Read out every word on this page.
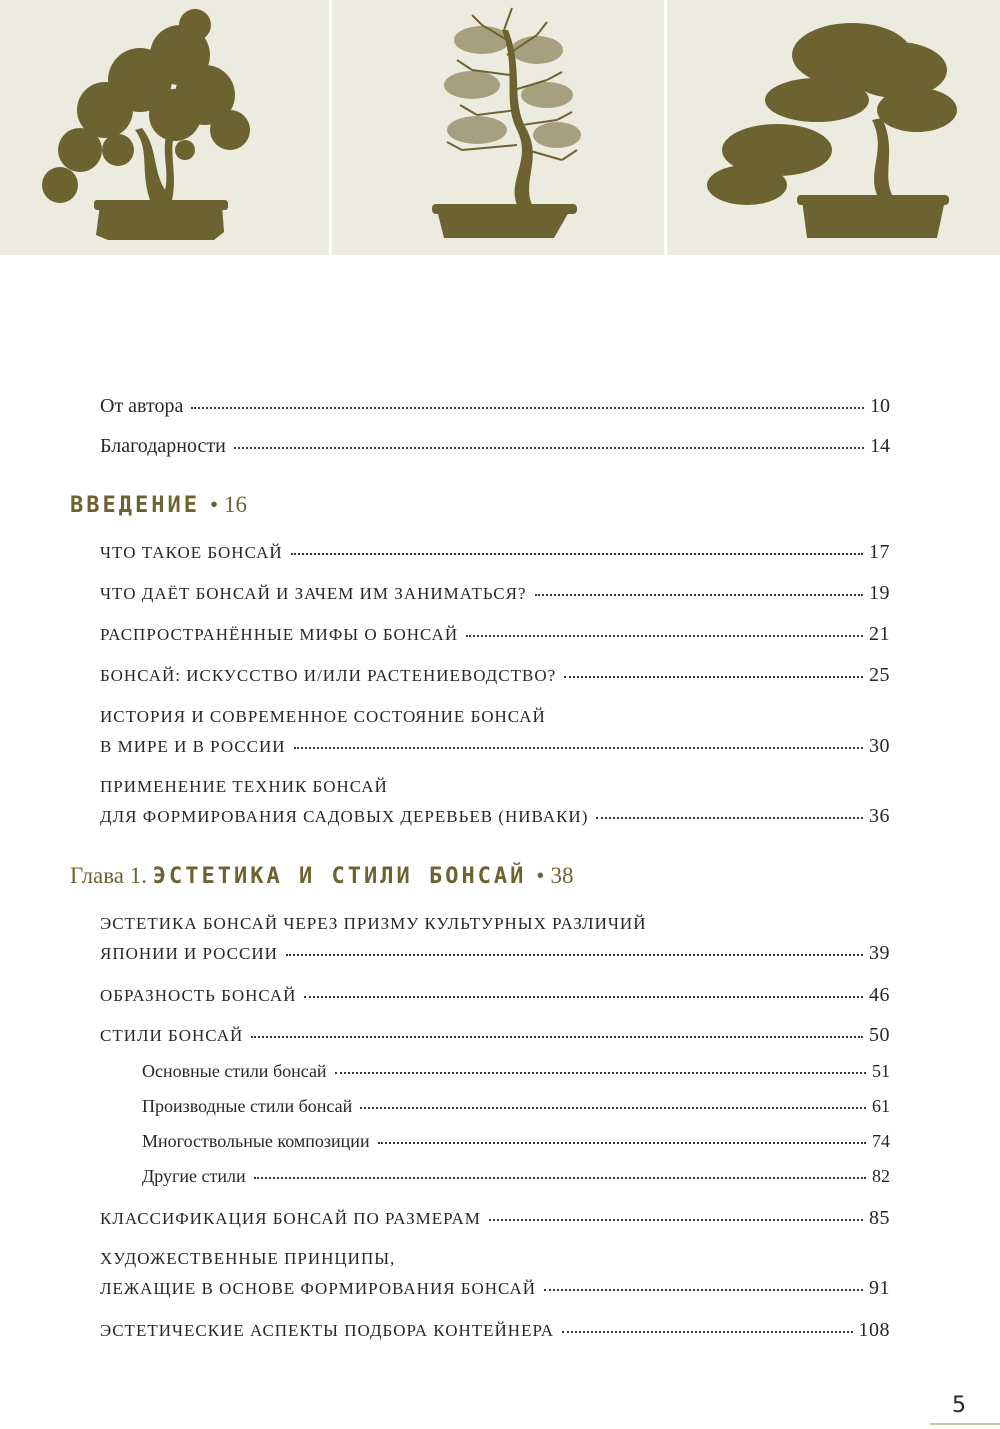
От автора	10
Благодарности	14
ВВЕДЕНИЕ • 16
ЧТО ТАКОЕ БОНСАЙ	17
ЧТО ДАЁТ БОНСАЙ И ЗАЧЕМ ИМ ЗАНИМАТЬСЯ?	19
РАСПРОСТРАНЁННЫЕ МИФЫ О БОНСАЙ	21
БОНСАЙ: ИСКУССТВО И/ИЛИ РАСТЕНИЕВОДСТВО?	25
ИСТОРИЯ И СОВРЕМЕННОЕ СОСТОЯНИЕ БОНСАЙ
В МИРЕ И В РОССИИ	30
ПРИМЕНЕНИЕ ТЕХНИК БОНСАЙ
ДЛЯ ФОРМИРОВАНИЯ САДОВЫХ ДЕРЕВЬЕВ (НИВАКИ)	36
Глава 1. ЭСТЕТИКА И СТИЛИ БОНСАЙ • 38
ЭСТЕТИКА БОНСАЙ ЧЕРЕЗ ПРИЗМУ КУЛЬТУРНЫХ РАЗЛИЧИЙ
ЯПОНИИ И РОССИИ	39
ОБРАЗНОСТЬ БОНСАЙ	46
СТИЛИ БОНСАЙ	50
Основные стили бонсай	51
Производные стили бонсай	61
Многоствольные композиции	74
Другие стили	82
КЛАССИФИКАЦИЯ БОНСАЙ ПО РАЗМЕРАМ	85
ХУДОЖЕСТВЕННЫЕ ПРИНЦИПЫ,
ЛЕЖАЩИЕ В ОСНОВЕ ФОРМИРОВАНИЯ БОНСАЙ	91
ЭСТЕТИЧЕСКИЕ АСПЕКТЫ ПОДБОРА КОНТЕЙНЕРА	108
5
